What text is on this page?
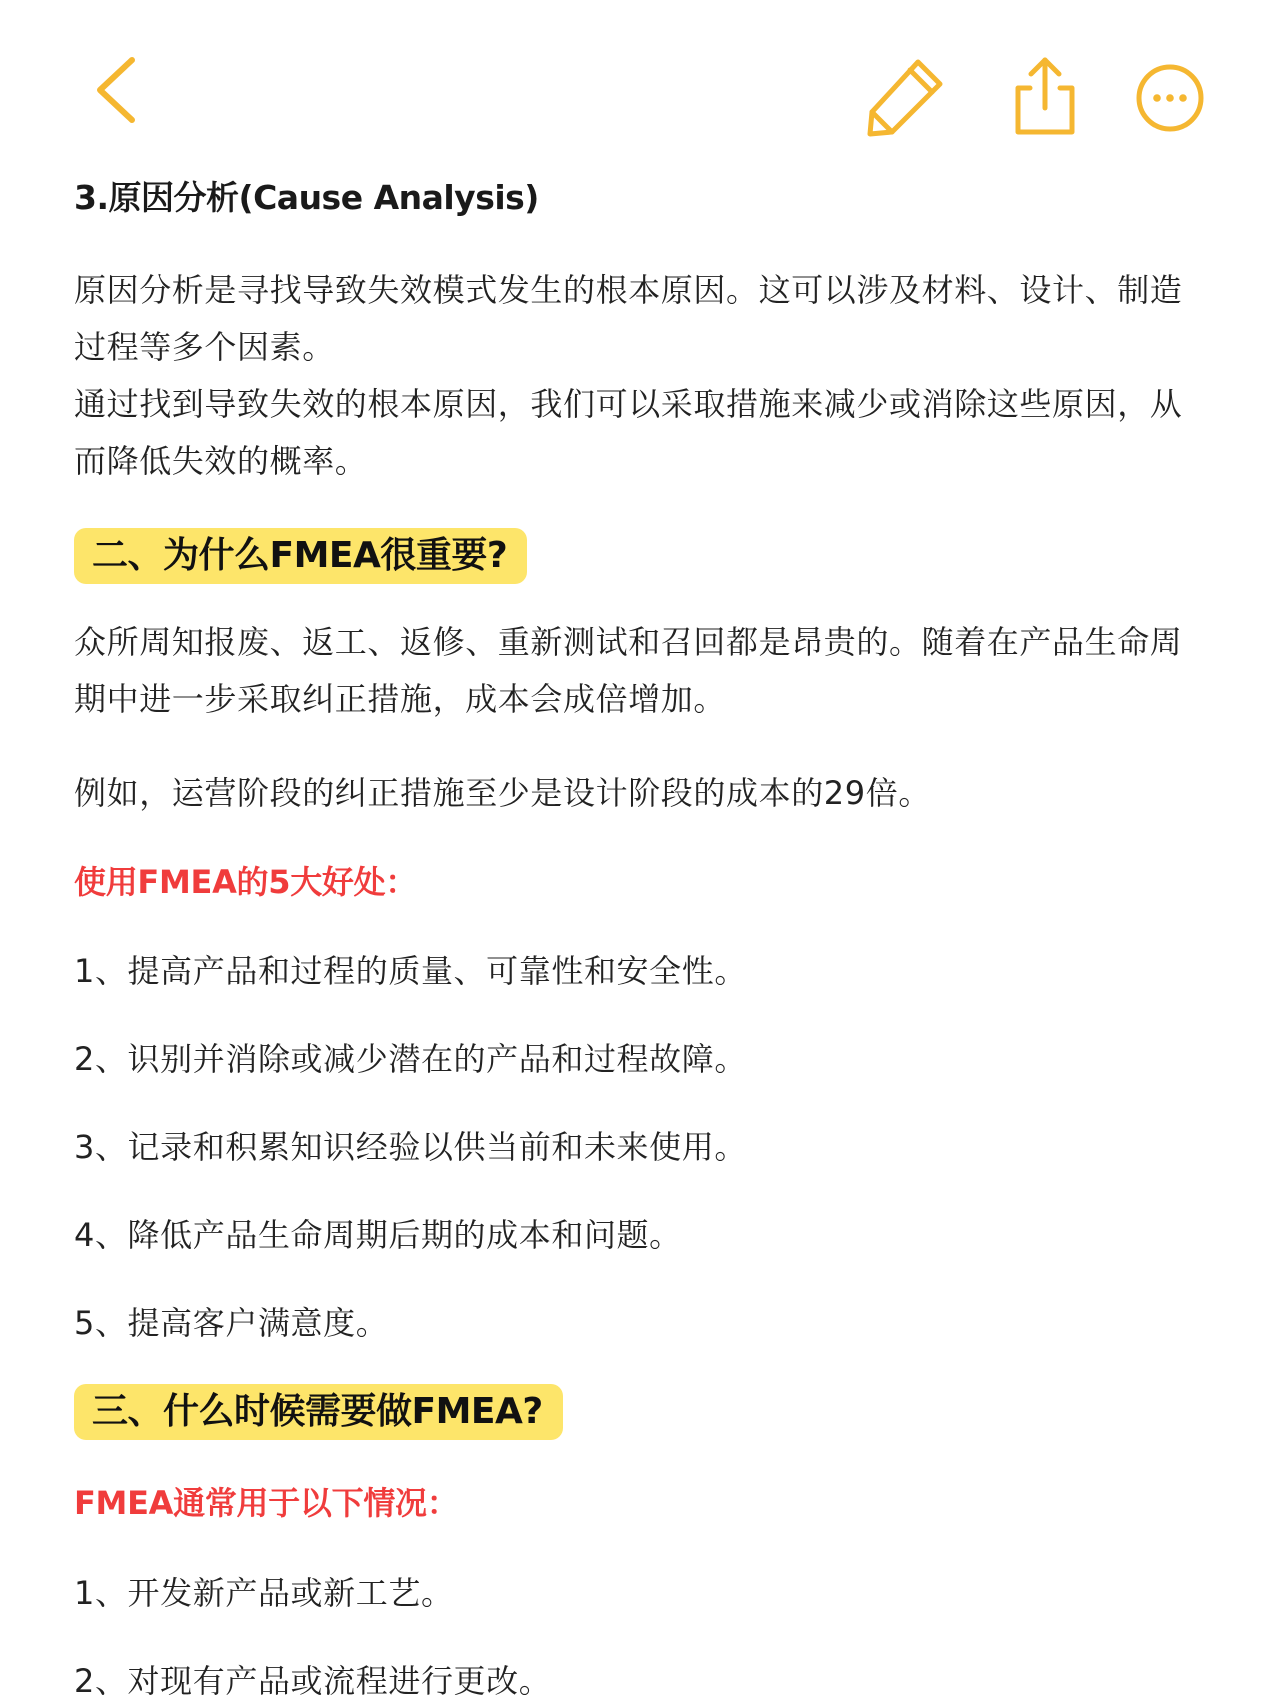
3.原因分析(Cause Analysis)
原因分析是寻找导致失效模式发生的根本原因。这可以涉及材料、设计、制造过程等多个因素。
通过找到导致失效的根本原因，我们可以采取措施来减少或消除这些原因，从而降低失效的概率。
二、为什么FMEA很重要?
众所周知报废、返工、返修、重新测试和召回都是昂贵的。随着在产品生命周期中进一步采取纠正措施，成本会成倍增加。
例如，运营阶段的纠正措施至少是设计阶段的成本的29倍。
使用FMEA的5大好处：
1、提高产品和过程的质量、可靠性和安全性。
2、识别并消除或减少潜在的产品和过程故障。
3、记录和积累知识经验以供当前和未来使用。
4、降低产品生命周期后期的成本和问题。
5、提高客户满意度。
三、什么时候需要做FMEA?
FMEA通常用于以下情况：
1、开发新产品或新工艺。
2、对现有产品或流程进行更改。
